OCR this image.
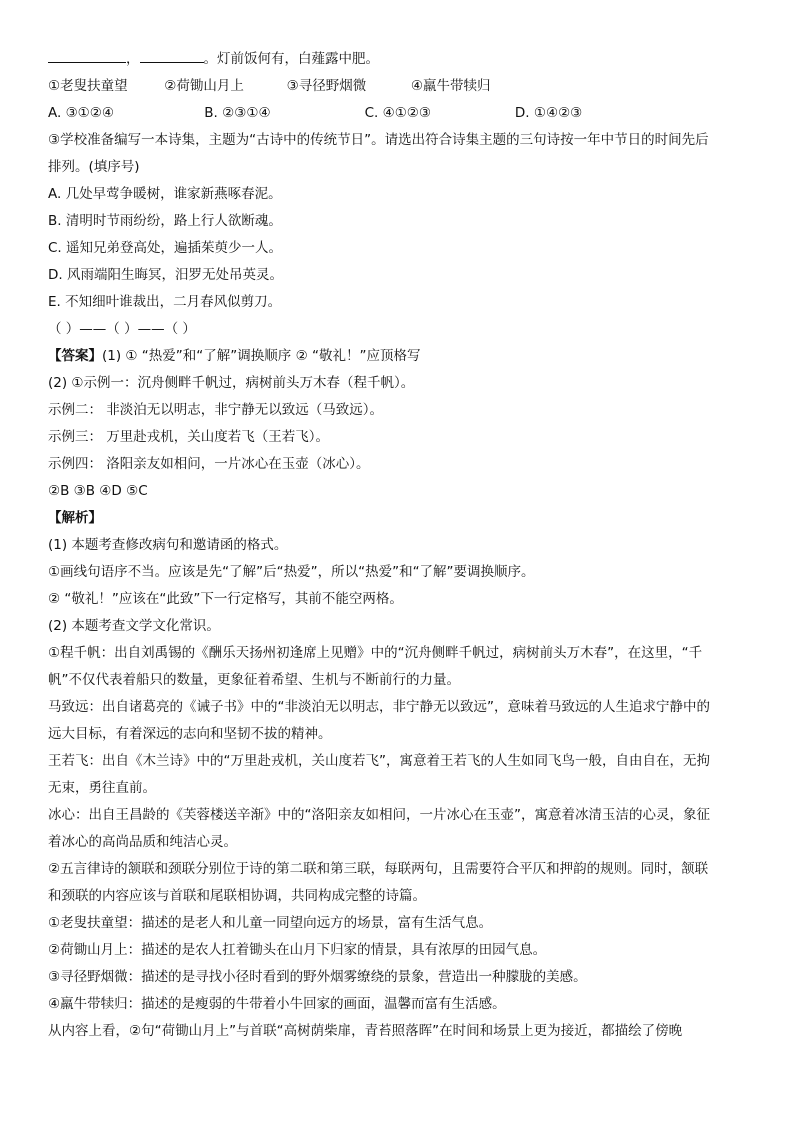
，	。灯前饭何有，白薤露中肥。
①老叟扶童望	②荷锄山月上	③寻径野烟微	④羸牛带犊归
A. ③①②④	B. ②③①④	C. ④①②③	D. ①④②③
③学校准备编写一本诗集，主题为“古诗中的传统节日”。请选出符合诗集主题的三句诗按一年中节日的时间先后
排列。(填序号)
A. 几处早莺争暖树，谁家新燕啄春泥。
B. 清明时节雨纷纷，路上行人欲断魂。
C. 遥知兄弟登高处，遍插茱萸少一人。
D. 风雨端阳生晦冥，汨罗无处吊英灵。
E. 不知细叶谁裁出，二月春风似剪刀。
（ ）——（ ）——（ ）
【答案】(1) ① “热爱”和“了解”调换顺序 ② “敬礼！”应顶格写
(2) ①示例一：沉舟侧畔千帆过，病树前头万木春（程千帆）。
示例二： 非淡泊无以明志，非宁静无以致远（马致远）。
示例三： 万里赴戎机，关山度若飞（王若飞）。
示例四： 洛阳亲友如相问，一片冰心在玉壶（冰心）。
②B ③B ④D ⑤C
【解析】
(1) 本题考查修改病句和邀请函的格式。
①画线句语序不当。应该是先“了解”后“热爱”，所以“热爱”和“了解”要调换顺序。
② “敬礼！”应该在“此致”下一行定格写，其前不能空两格。
(2) 本题考查文学文化常识。
①程千帆：出自刘禹锡的《酬乐天扬州初逢席上见赠》中的“沉舟侧畔千帆过，病树前头万木春”，在这里，“千
帆”不仅代表着船只的数量，更象征着希望、生机与不断前行的力量。
马致远：出自诸葛亮的《诫子书》中的“非淡泊无以明志，非宁静无以致远”，意味着马致远的人生追求宁静中的
远大目标，有着深远的志向和坚韧不拔的精神。
王若飞：出自《木兰诗》中的“万里赴戎机，关山度若飞”，寓意着王若飞的人生如同飞鸟一般，自由自在，无拘
无束，勇往直前。
冰心：出自王昌龄的《芙蓉楼送辛渐》中的“洛阳亲友如相问，一片冰心在玉壶”，寓意着冰清玉洁的心灵，象征
着冰心的高尚品质和纯洁心灵。
②五言律诗的颔联和颈联分别位于诗的第二联和第三联，每联两句，且需要符合平仄和押韵的规则。同时，颔联
和颈联的内容应该与首联和尾联相协调，共同构成完整的诗篇。
①老叟扶童望：描述的是老人和儿童一同望向远方的场景，富有生活气息。
②荷锄山月上：描述的是农人扛着锄头在山月下归家的情景，具有浓厚的田园气息。
③寻径野烟微：描述的是寻找小径时看到的野外烟雾缭绕的景象，营造出一种朦胧的美感。
④羸牛带犊归：描述的是瘦弱的牛带着小牛回家的画面，温馨而富有生活感。
从内容上看，②句“荷锄山月上”与首联“高树荫柴扉，青苔照落晖”在时间和场景上更为接近，都描绘了傍晚
